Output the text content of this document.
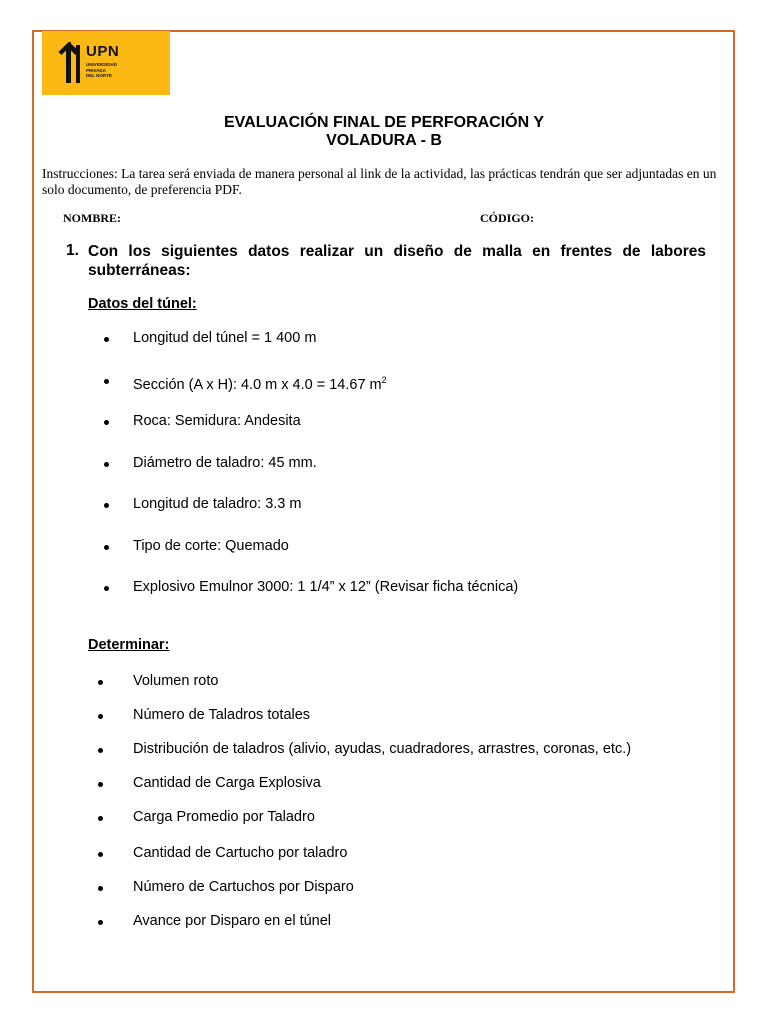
UPN
UNIVERSIDAD
PRIVADA
DEL NORTE
EVALUACIÓN FINAL DE PERFORACIÓN Y
VOLADURA - B
Instrucciones: La tarea será enviada de manera personal al link de la actividad, las prácticas tendrán que ser adjuntadas en un solo documento, de preferencia PDF.
NOMBRE:	CÓDIGO:
1. Con los siguientes datos realizar un diseño de malla en frentes de labores subterráneas:
Datos del túnel:
Longitud del túnel = 1 400 m
Sección (A x H): 4.0 m x 4.0 = 14.67 $m^2$
Roca: Semidura: Andesita
Diámetro de taladro: 45 mm.
Longitud de taladro: 3.3 m
Tipo de corte: Quemado
Explosivo Emulnor 3000: 1 1/4” x 12” (Revisar ficha técnica)
Determinar:
Volumen roto
Número de Taladros totales
Distribución de taladros (alivio, ayudas, cuadradores, arrastres, coronas, etc.)
Cantidad de Carga Explosiva
Carga Promedio por Taladro
Cantidad de Cartucho por taladro
Número de Cartuchos por Disparo
Avance por Disparo en el túnel
